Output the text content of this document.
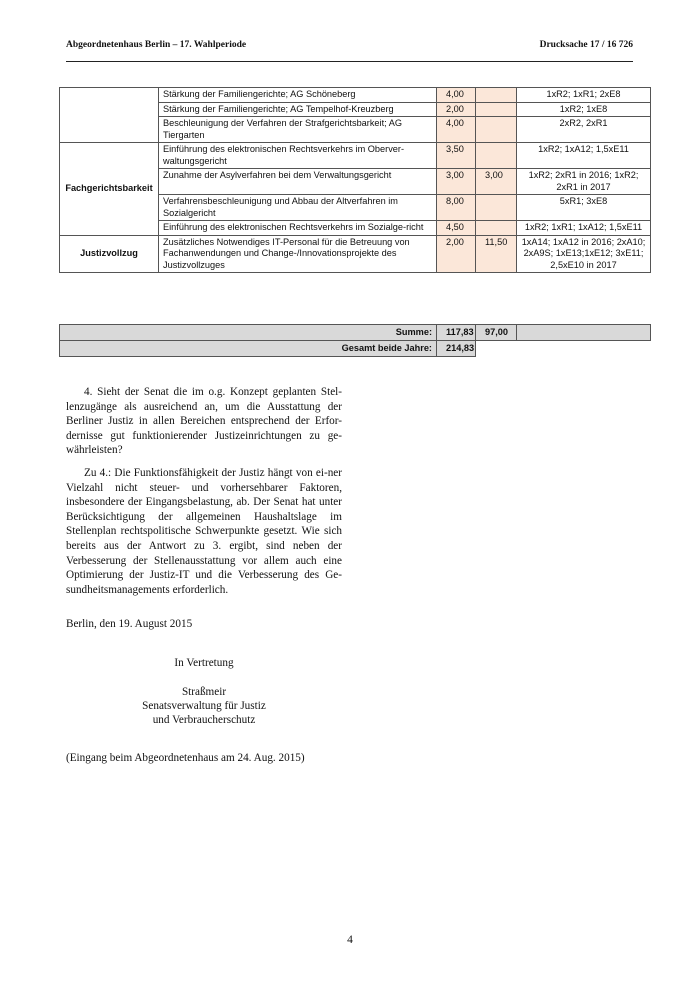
Abgeordnetenhaus Berlin – 17. Wahlperiode	Drucksache 17 / 16 726
	Stärkung der Familiengerichte; AG Schöneberg	4,00		1xR2; 1xR1; 2xE8
	Stärkung der Familiengerichte; AG Tempelhof-Kreuzberg	2,00		1xR2; 1xE8
	Beschleunigung der Verfahren der Strafgerichtsbarkeit; AG Tiergarten	4,00		2xR2, 2xR1
Fachgerichtsbarkeit	Einführung des elektronischen Rechtsverkehrs im Oberver-waltungsgericht	3,50		1xR2; 1xA12; 1,5xE11
	Zunahme der Asylverfahren bei dem Verwaltungsgericht	3,00	3,00	1xR2; 2xR1 in 2016; 1xR2; 2xR1 in 2017
	Verfahrensbeschleunigung und Abbau der Altverfahren im Sozialgericht	8,00		5xR1; 3xE8
	Einführung des elektronischen Rechtsverkehrs im Sozialge-richt	4,50		1xR2; 1xR1; 1xA12; 1,5xE11
Justizvollzug	Zusätzliches Notwendiges IT-Personal für die Betreuung von Fachanwendungen und Change-/Innovationsprojekte des Justizvollzuges	2,00	11,50	1xA14; 1xA12 in 2016; 2xA10; 2xA9S; 1xE13;1xE12; 3xE11; 2,5xE10 in 2017
Summe:	117,83	97,00	
Gesamt beide Jahre:	214,83		

4. Sieht der Senat die im o.g. Konzept geplanten Stel-lenzugänge als ausreichend an, um die Ausstattung der Berliner Justiz in allen Bereichen entsprechend der Erfor-dernisse gut funktionierender Justizeinrichtungen zu ge-währleisten?

Zu 4.: Die Funktionsfähigkeit der Justiz hängt von ei-ner Vielzahl nicht steuer- und vorhersehbarer Faktoren, insbesondere der Eingangsbelastung, ab. Der Senat hat unter Berücksichtigung der allgemeinen Haushaltslage im Stellenplan rechtspolitische Schwerpunkte gesetzt. Wie sich bereits aus der Antwort zu 3. ergibt, sind neben der Verbesserung der Stellenausstattung vor allem auch eine Optimierung der Justiz-IT und die Verbesserung des Ge-sundheitsmanagements erforderlich.

Berlin, den 19. August 2015
In Vertretung
Straßmeir
Senatsverwaltung für Justiz
und Verbraucherschutz
(Eingang beim Abgeordnetenhaus am 24. Aug. 2015)
4
